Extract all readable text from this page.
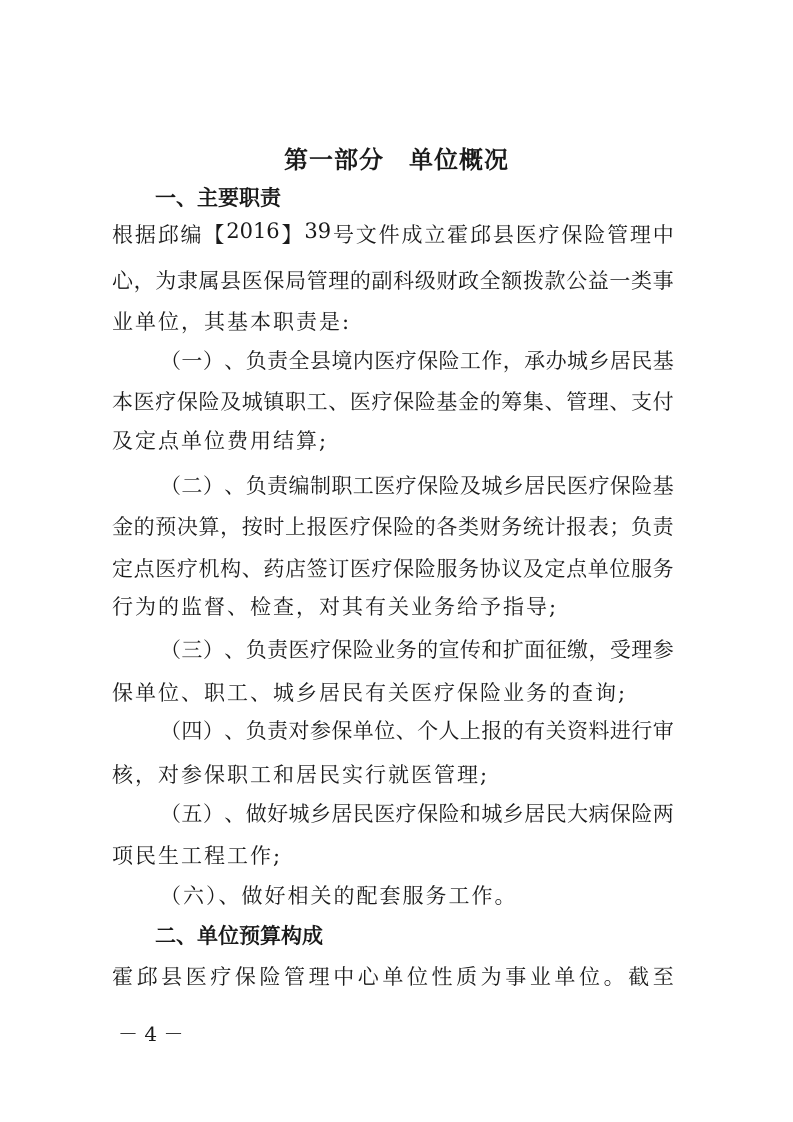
第一部分　单位概况
一、主要职责
根 据 邱 编 【 2016 】 39 号 文 件 成 立 霍 邱 县 医 疗 保 险 管 理 中
心 ， 为 隶 属 县 医 保 局 管 理 的 副 科 级 财 政 全 额 拨 款 公 益 一 类 事
业单位，其基本职责是:
（ 一 ） 、 负 责 全 县 境 内 医 疗 保 险 工 作 ， 承 办 城 乡 居 民 基
本 医 疗 保 险 及 城 镇 职 工 、 医 疗 保 险 基 金 的 筹 集 、 管 理 、 支 付
及定点单位费用结算;
（ 二 ） 、 负 责 编 制 职 工 医 疗 保 险 及 城 乡 居 民 医 疗 保 险 基
金 的 预 决 算 ， 按 时 上 报 医 疗 保 险 的 各 类 财 务 统 计 报 表 ； 负 责
定 点 医 疗 机 构 、 药 店 签 订 医 疗 保 险 服 务 协 议 及 定 点 单 位 服 务
行为的监督、检查，对其有关业务给予指导;
（ 三 ） 、 负 责 医 疗 保 险 业 务 的 宣 传 和 扩 面 征 缴 ， 受 理 参
保单位、职工、城乡居民有关医疗保险业务的查询;
（ 四 ） 、 负 责 对 参 保 单 位 、 个 人 上 报 的 有 关 资 料 进 行 审
核，对参保职工和居民实行就医管理;
（ 五 ） 、 做 好 城 乡 居 民 医 疗 保 险 和 城 乡 居 民 大 病 保 险 两
项民生工程工作;
（六）、做好相关的配套服务工作。
二、单位预算构成
霍 邱 县 医 疗 保 险 管 理 中 心 单 位 性 质 为 事 业 单 位 。 截 至
－ 4 －
